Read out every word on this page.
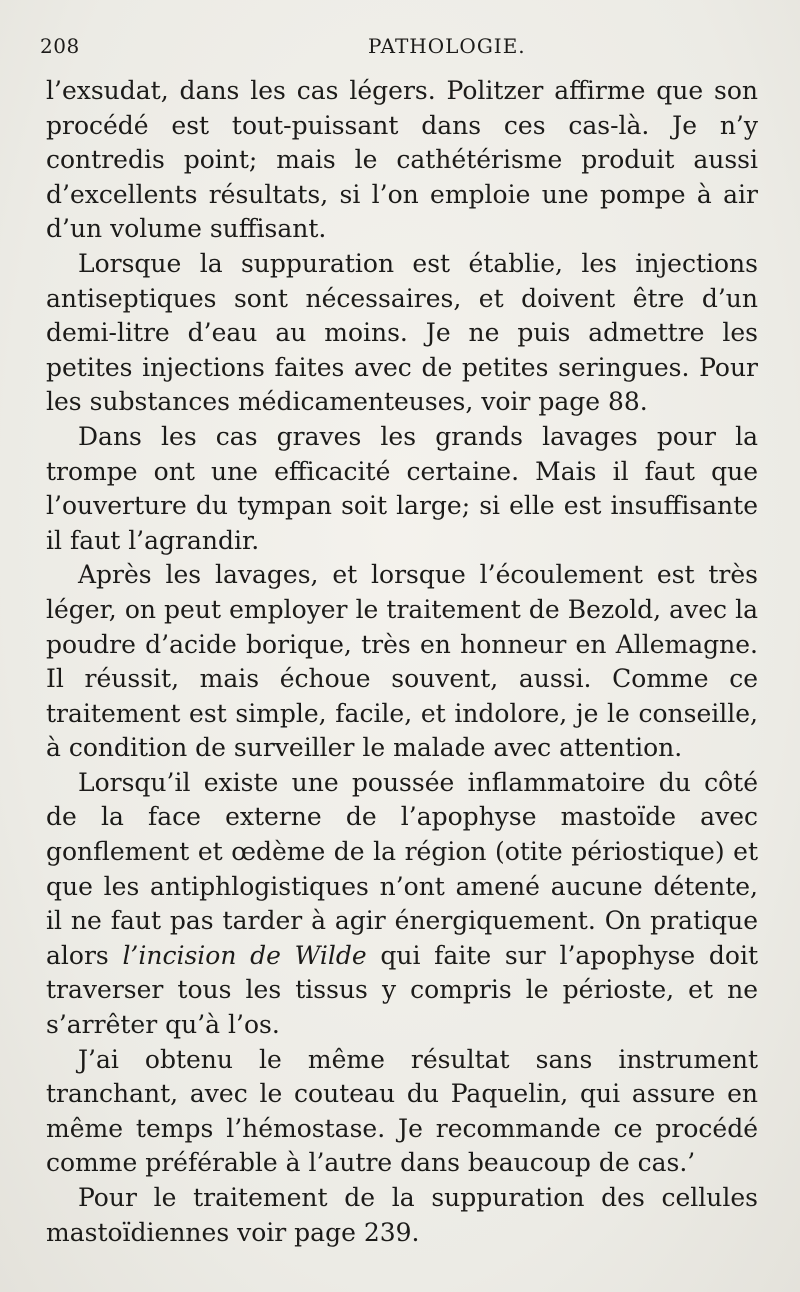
208	PATHOLOGIE.

l’exsudat, dans les cas légers. Politzer affirme que son procédé est tout-puissant dans ces cas-là. Je n’y contredis point; mais le cathétérisme produit aussi d’excellents résultats, si l’on emploie une pompe à air d’un volume suffisant.

Lorsque la suppuration est établie, les injections antiseptiques sont nécessaires, et doivent être d’un demi-litre d’eau au moins. Je ne puis admettre les petites injections faites avec de petites seringues. Pour les substances médicamenteuses, voir page 88.

Dans les cas graves les grands lavages pour la trompe ont une efficacité certaine. Mais il faut que l’ouverture du tympan soit large; si elle est insuffisante il faut l’agrandir.

Après les lavages, et lorsque l’écoulement est très léger, on peut employer le traitement de Bezold, avec la poudre d’acide borique, très en honneur en Allemagne. Il réussit, mais échoue souvent, aussi. Comme ce traitement est simple, facile, et indolore, je le conseille, à condition de surveiller le malade avec attention.

Lorsqu’il existe une poussée inflammatoire du côté de la face externe de l’apophyse mastoïde avec gonflement et œdème de la région (otite périostique) et que les antiphlogistiques n’ont amené aucune détente, il ne faut pas tarder à agir énergiquement. On pratique alors l’incision de Wilde qui faite sur l’apophyse doit traverser tous les tissus y compris le périoste, et ne s’arrêter qu’à l’os.

J’ai obtenu le même résultat sans instrument tranchant, avec le couteau du Paquelin, qui assure en même temps l’hémostase. Je recommande ce procédé comme préférable à l’autre dans beaucoup de cas.’

Pour le traitement de la suppuration des cellules mastoïdiennes voir page 239.
